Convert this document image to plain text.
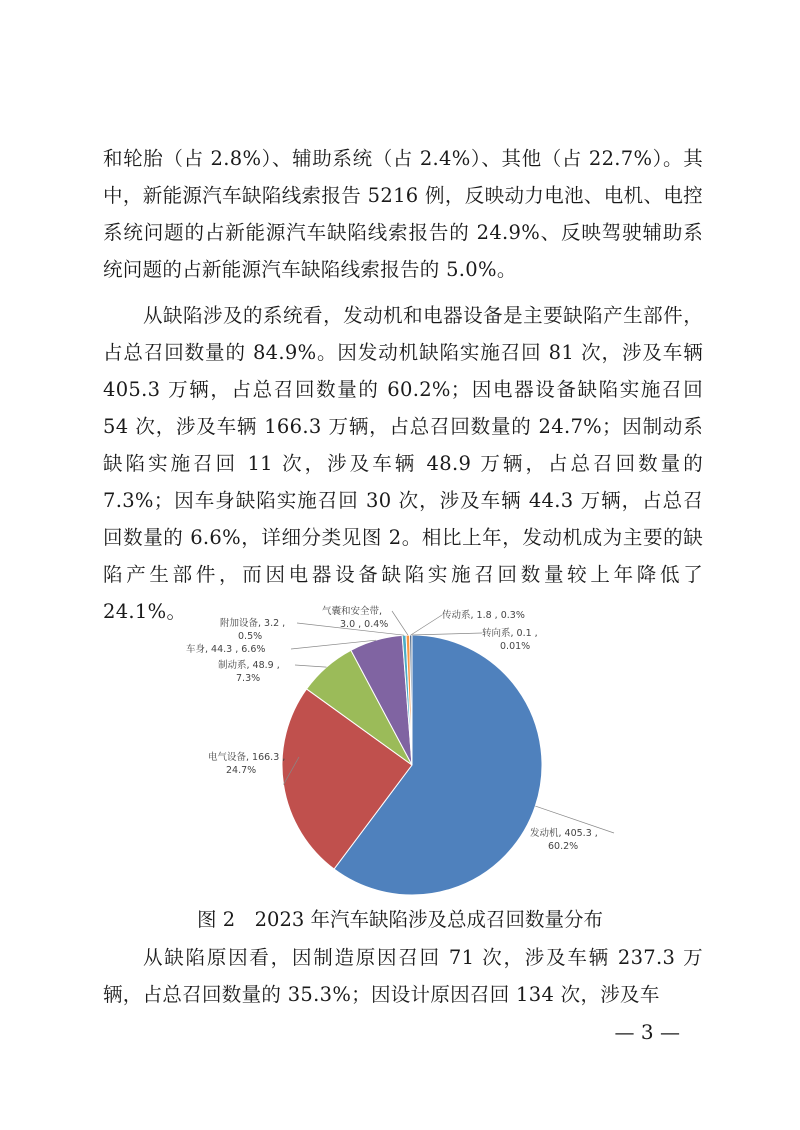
和轮胎（占 2.8%）、辅助系统（占 2.4%）、其他（占 22.7%）。其中，新能源汽车缺陷线索报告 5216 例，反映动力电池、电机、电控系统问题的占新能源汽车缺陷线索报告的 24.9%、反映驾驶辅助系统问题的占新能源汽车缺陷线索报告的 5.0%。

从缺陷涉及的系统看，发动机和电器设备是主要缺陷产生部件，占总召回数量的 84.9%。因发动机缺陷实施召回 81 次，涉及车辆 405.3 万辆，占总召回数量的 60.2%；因电器设备缺陷实施召回 54 次，涉及车辆 166.3 万辆，占总召回数量的 24.7%；因制动系缺陷实施召回 11 次，涉及车辆 48.9 万辆，占总召回数量的 7.3%；因车身缺陷实施召回 30 次，涉及车辆 44.3 万辆，占总召回数量的 6.6%，详细分类见图 2。相比上年，发动机成为主要的缺陷产生部件，而因电器设备缺陷实施召回数量较上年降低了 24.1%。

发动机, 405.3 ,
60.2%
电气设备, 166.3 ,
24.7%
制动系, 48.9 ,
7.3%
车身, 44.3 , 6.6%
附加设备, 3.2 ,
0.5%
气囊和安全带,
3.0 , 0.4%
传动系, 1.8 , 0.3%
转向系, 0.1 ,
0.01%
图 2　2023 年汽车缺陷涉及总成召回数量分布

从缺陷原因看，因制造原因召回 71 次，涉及车辆 237.3 万辆，占总召回数量的 35.3%；因设计原因召回 134 次，涉及车

— 3 —
